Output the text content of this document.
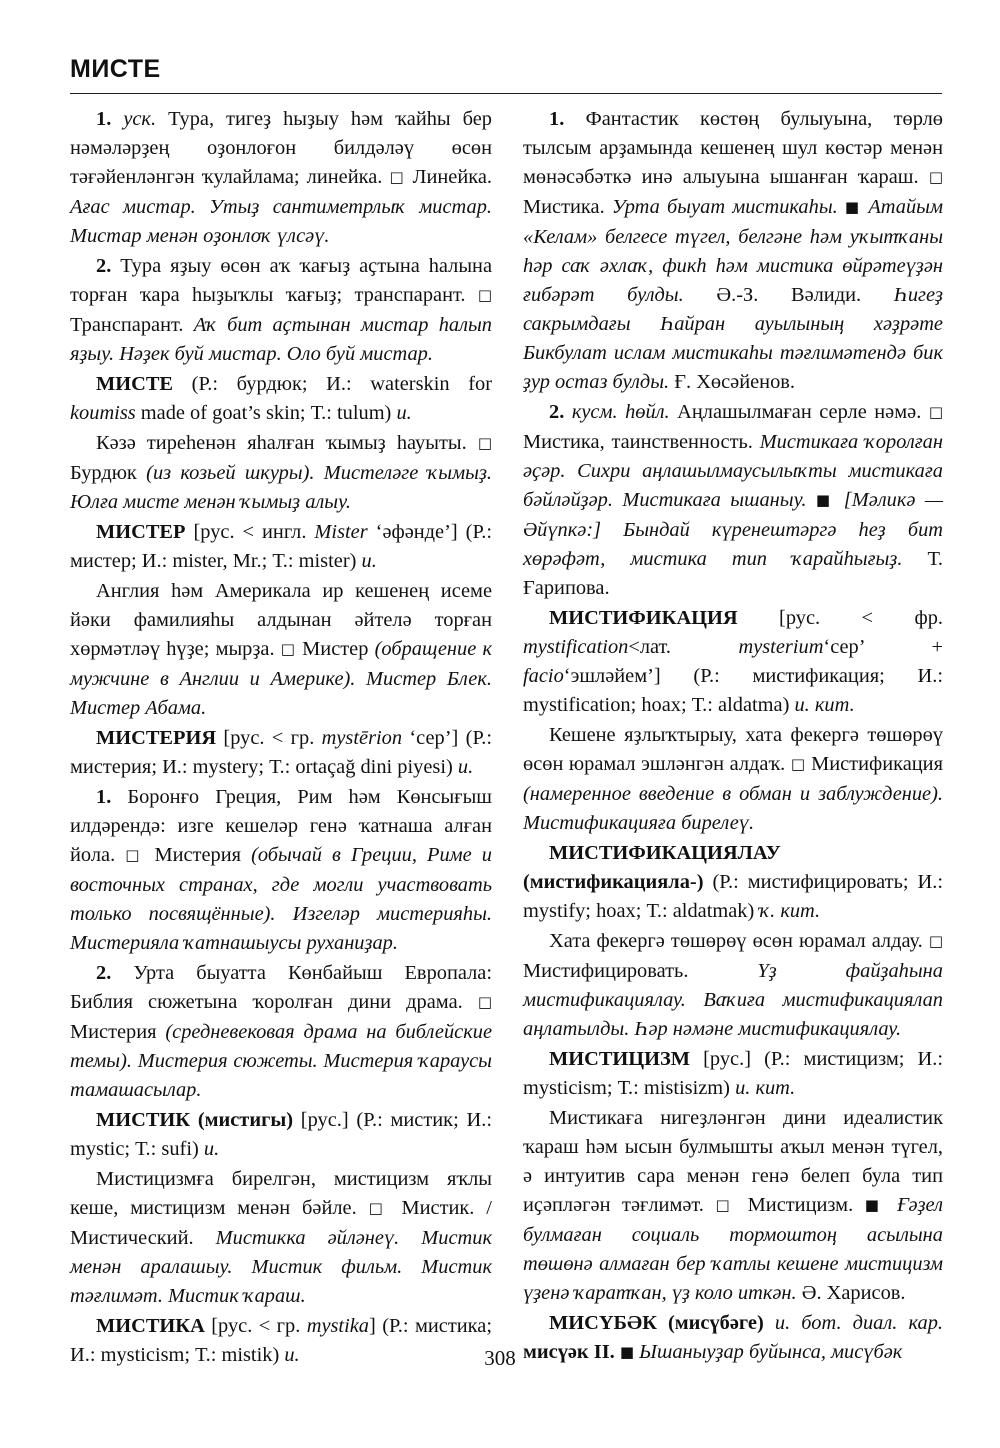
МИСТЕ

1. уск. Тура, тигеҙ һыҙыу һәм ҡайһы бер нәмәләрҙең оҙонлоғон билдәләү өсөн тәғәйенләнгән ҡулайлама; линейка. □ Линейка. Ағас мистар. Утыҙ сантиметрлыҡ мистар. Мистар менән оҙонлоҡ үлсәү.

2. Тура яҙыу өсөн аҡ ҡағыҙ аҫтына һалына торған ҡара һыҙыҡлы ҡағыҙ; транспарант. □ Транспарант. Аҡ бит аҫтынан мистар һалып яҙыу. Нәҙек буй мистар. Оло буй мистар.

МИСТЕ (Р.: бурдюк; И.: waterskin for koumiss made of goat’s skin; Т.: tulum) и.

Кәзә тиреһенән яһалған ҡымыҙ һауыты. □ Бурдюк (из козьей шкуры). Мистеләге ҡымыҙ. Юлға мисте менән ҡымыҙ алыу.

МИСТЕР [рус. < ингл. Mister ‘әфәнде’] (Р.: мистер; И.: mister, Mr.; Т.: mister) и.

Англия һәм Америкала ир кешенең исеме йәки фамилияһы алдынан әйтелә торған хөрмәтләү һүҙе; мырҙа. □ Мистер (обращение к мужчине в Англии и Америке). Мистер Блек. Мистер Абама.

МИСТЕРИЯ [рус. < гр. mystērion ‘сер’] (Р.: мистерия; И.: mystery; Т.: ortaçağ dini piyesi) и.

1. Боронғо Греция, Рим һәм Көнсығыш илдәрендә: изге кешеләр генә ҡатнаша алған йола. □ Мистерия (обычай в Греции, Риме и восточных странах, где могли участвовать только посвящённые). Изгеләр мистерияһы. Мистерияла ҡатнашыусы руханиҙар.

2. Урта быуатта Көнбайыш Европала: Библия сюжетына ҡоролған дини драма. □ Мистерия (средневековая драма на библейские темы). Мистерия сюжеты. Мистерия ҡараусы тамашасылар.

МИСТИК (мистигы) [рус.] (Р.: мистик; И.: mystic; Т.: sufi) и.

Мистицизмға бирелгән, мистицизм яҡлы кеше, мистицизм менән бәйле. □ Мистик. / Мистический. Мистикка әйләнеү. Мистик менән аралашыу. Мистик фильм. Мистик тәғлимәт. Мистик ҡараш.

МИСТИКА [рус. < гр. mystika] (Р.: мистика; И.: mysticism; Т.: mistik) и.

1. Фантастик көстөң булыуына, төрлө тылсым арҙамында кешенең шул көстәр менән мөнәсәбәткә инә алыуына ышанған ҡараш. □ Мистика. Урта быуат мистикаһы. ■ Атайым «Келам» белгесе түгел, белгәне һәм уҡытҡаны һәр саҡ әхлаҡ, фикһ һәм мистика өйрәтеүҙән ғибәрәт булды. Ә.-З. Вәлиди. Һигеҙ сакрымдағы Һайран ауылының хәҙрәте Бикбулат ислам мистикаһы тәғлимәтендә бик ҙур остаз булды. Ғ. Хөсәйенов.

2. кусм. һөйл. Аңлашылмаған серле нәмә. □ Мистика, таинственность. Мистикаға ҡоролған әҫәр. Сихри аңлашылмаусылыҡты мистикаға бәйләйҙәр. Мистикаға ышаныу. ■ [Мәликә — Әйүпкә:] Бындай күренештәргә һеҙ бит хөрәфәт, мистика тип ҡарайһығыҙ. Т. Ғарипова.

МИСТИФИКАЦИЯ [рус. < фр. mystification<лат. mysterium‘сер’ + facio‘эшләйем’] (Р.: мистификация; И.: mystification; hoax; Т.: aldatma) и. кит.

Кешене яҙлыҡтырыу, хата фекергә төшөрөү өсөн юрамал эшләнгән алдаҡ. □ Мистификация (намеренное введение в обман и заблуждение). Мистификацияға бирелеү.

МИСТИФИКАЦИЯЛАУ (мистификацияла-) (Р.: мистифицировать; И.: mystify; hoax; Т.: aldatmak) ҡ. кит.

Хата фекергә төшөрөү өсөн юрамал алдау. □ Мистифицировать. Үҙ файҙаһына мистификациялау. Ваҡиға мистификациялап аңлатылды. Һәр нәмәне мистификациялау.

МИСТИЦИЗМ [рус.] (Р.: мистицизм; И.: mysticism; Т.: mistisizm) и. кит.

Мистикаға нигеҙләнгән дини идеалистик ҡараш һәм ысын булмышты аҡыл менән түгел, ә интуитив сара менән генә белеп була тип иҫәпләгән тәғлимәт. □ Мистицизм. ■ Ғәҙел булмаған социаль тормоштоң асылына төшөнә алмаған бер ҡатлы кешене мистицизм үҙенә ҡаратҡан, үҙ коло иткән. Ә. Харисов.

МИСҮБӘК (мисүбәге) и. бот. диал. кар. мисүәк II. ■ Ышаныуҙар буйынса, мисүбәк

308
